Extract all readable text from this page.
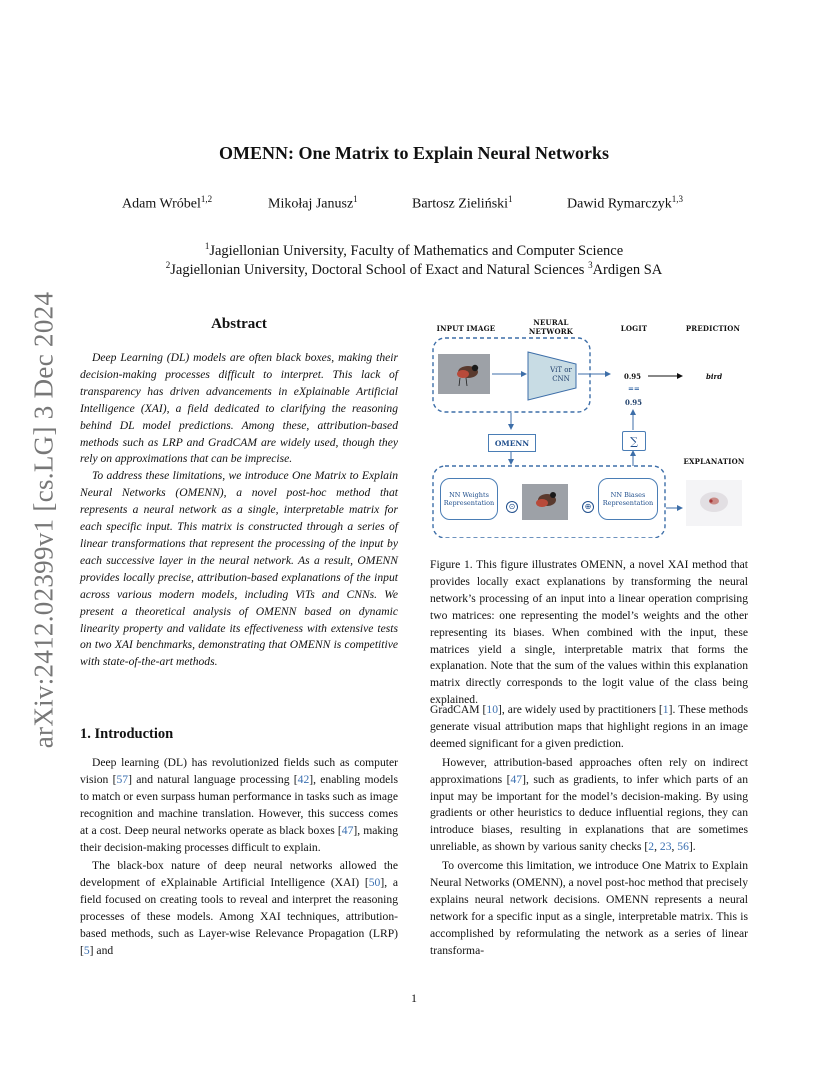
arXiv:2412.02399v1 [cs.LG] 3 Dec 2024
OMENN: One Matrix to Explain Neural Networks
Adam Wróbel$^{1,2}$	Mikołaj Janusz$^1$	Bartosz Zieliński$^1$	Dawid Rymarczyk$^{1,3}$
$^1$Jagiellonian University, Faculty of Mathematics and Computer Science
$^2$Jagiellonian University, Doctoral School of Exact and Natural Sciences $^3$Ardigen SA
Abstract

Deep Learning (DL) models are often black boxes, making their decision-making processes difficult to interpret. This lack of transparency has driven advancements in eXplainable Artificial Intelligence (XAI), a field dedicated to clarifying the reasoning behind DL model predictions. Among these, attribution-based methods such as LRP and GradCAM are widely used, though they rely on approximations that can be imprecise.

To address these limitations, we introduce One Matrix to Explain Neural Networks (OMENN), a novel post-hoc method that represents a neural network as a single, interpretable matrix for each specific input. This matrix is constructed through a series of linear transformations that represent the processing of the input by each successive layer in the neural network. As a result, OMENN provides locally precise, attribution-based explanations of the input across various modern models, including ViTs and CNNs. We present a theoretical analysis of OMENN based on dynamic linearity property and validate its effectiveness with extensive tests on two XAI benchmarks, demonstrating that OMENN is competitive with state-of-the-art methods.

INPUT IMAGE
NEURAL NETWORK	LOGIT	PREDICTION
EXPLANATION
ViT or CNN	0.95
==
0.95
bird
OMENN	∑
NN Weights Representation
NN Biases Representation
⊙	⊕
Figure 1. This figure illustrates OMENN, a novel XAI method that provides locally exact explanations by transforming the neural network’s processing of an input into a linear operation comprising two matrices: one representing the model’s weights and the other representing its biases. When combined with the input, these matrices yield a single, interpretable matrix that forms the explanation. Note that the sum of the values within this explanation matrix directly corresponds to the logit value of the class being explained.
1. Introduction

Deep learning (DL) has revolutionized fields such as computer vision [57] and natural language processing [42], enabling models to match or even surpass human performance in tasks such as image recognition and machine translation. However, this success comes at a cost. Deep neural networks operate as black boxes [47], making their decision-making processes difficult to explain.

The black-box nature of deep neural networks allowed the development of eXplainable Artificial Intelligence (XAI) [50], a field focused on creating tools to reveal and interpret the reasoning processes of these models. Among XAI techniques, attribution-based methods, such as Layer-wise Relevance Propagation (LRP) [5] and

GradCAM [10], are widely used by practitioners [1]. These methods generate visual attribution maps that highlight regions in an image deemed significant for a given prediction.

However, attribution-based approaches often rely on indirect approximations [47], such as gradients, to infer which parts of an input may be important for the model’s decision-making. By using gradients or other heuristics to deduce influential regions, they can introduce biases, resulting in explanations that are sometimes unreliable, as shown by various sanity checks [2, 23, 56].

To overcome this limitation, we introduce One Matrix to Explain Neural Networks (OMENN), a novel post-hoc method that precisely explains neural network decisions. OMENN represents a neural network for a specific input as a single, interpretable matrix. This is accomplished by reformulating the network as a series of linear transforma-

1
